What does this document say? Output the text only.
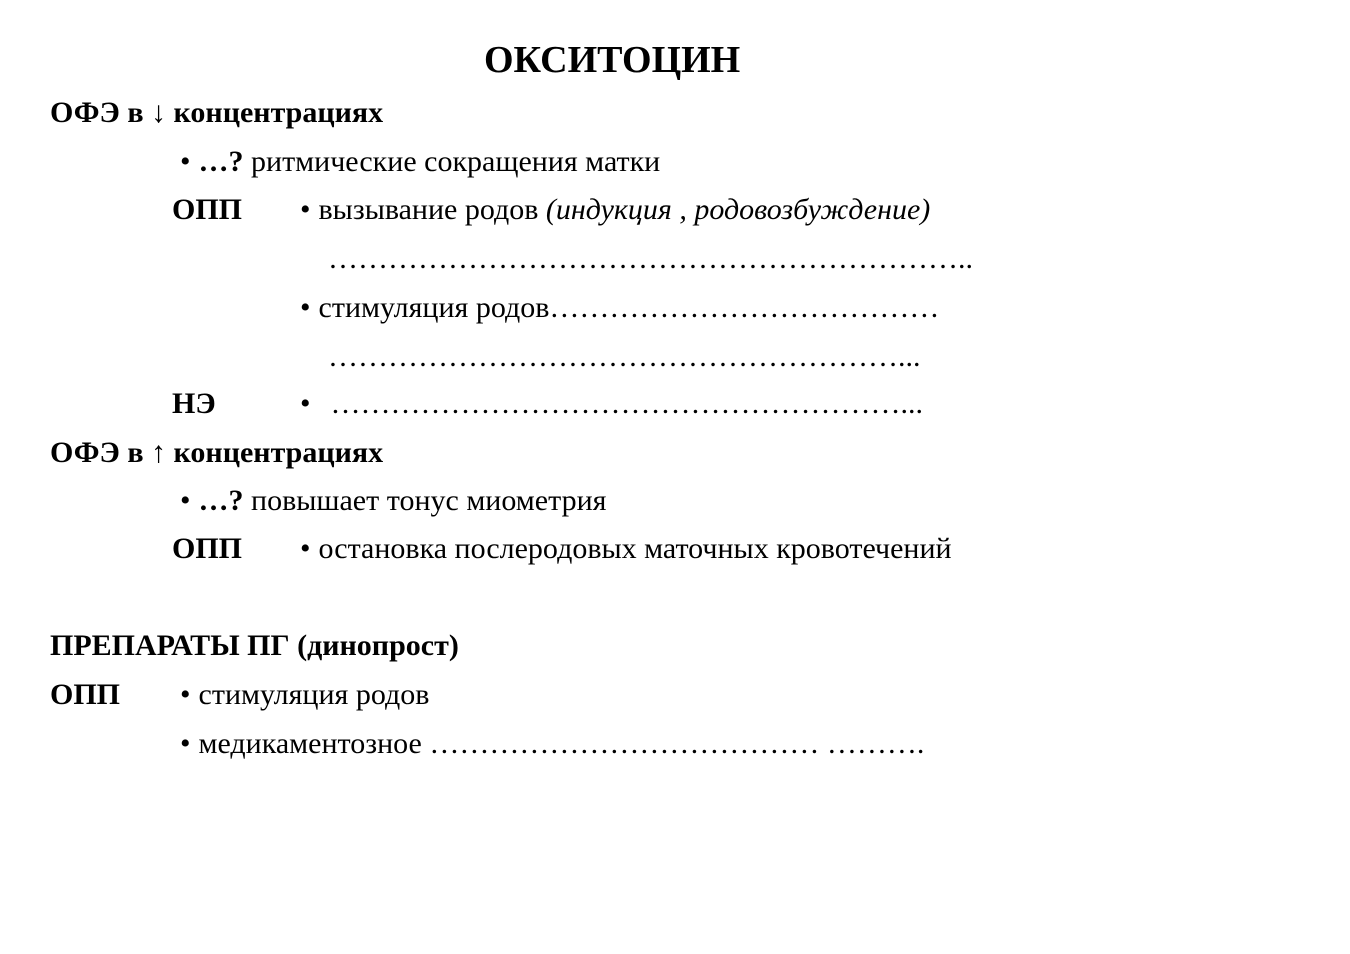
ОКСИТОЦИН
ОФЭ в ↓ концентрациях
• …? ритмические сокращения матки
ОПП • вызывание родов (индукция , родовозбуждение)
………………………………………………………..
• стимуляция родов…………………………………
…………………………………………………...
НЭ	• …………………………………………………...
ОФЭ в ↑ концентрациях
• …? повышает тонус миометрия
ОПП • остановка послеродовых маточных кровотечений
ПРЕПАРАТЫ ПГ (динопрост)
ОПП • стимуляция родов
• медикаментозное ………………………………… ……….
